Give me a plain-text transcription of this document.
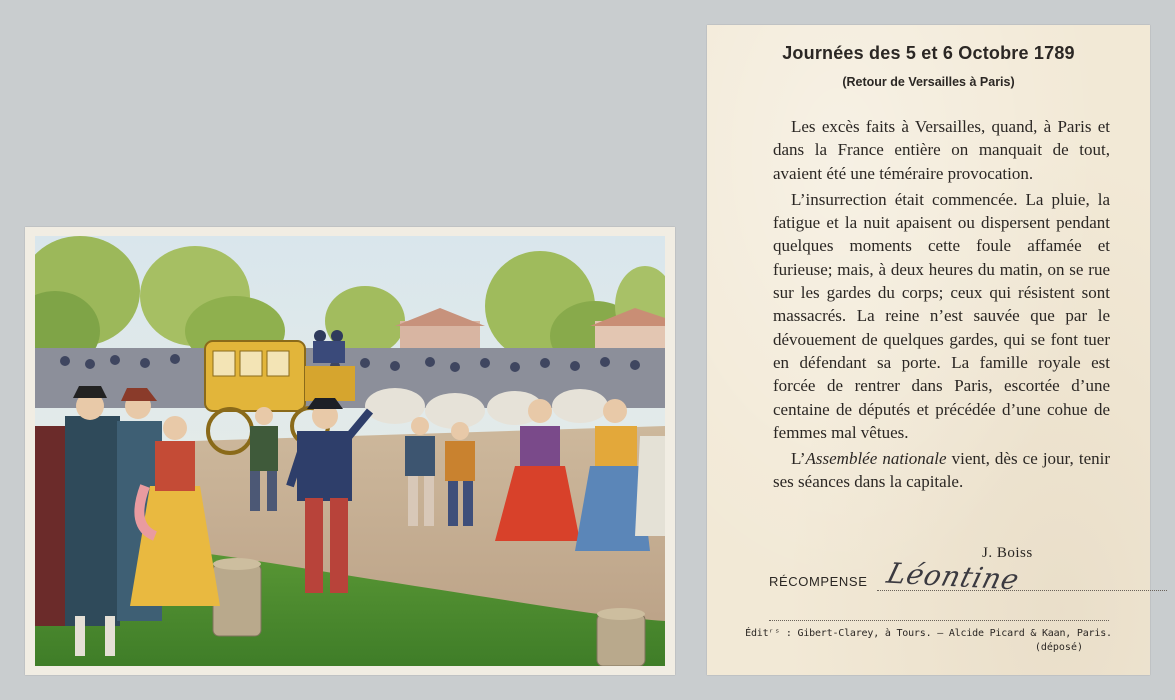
Journées des 5 et 6 Octobre 1789
(Retour de Versailles à Paris)

Les excès faits à Versailles, quand, à Paris et dans la France entière on manquait de tout, avaient été une téméraire provocation.

L’insurrection était commencée. La pluie, la fatigue et la nuit apaisent ou dispersent pendant quelques moments cette foule affamée et furieuse; mais, à deux heures du matin, on se rue sur les gardes du corps; ceux qui résistent sont massacrés. La reine n’est sauvée que par le dévouement de quelques gardes, qui se font tuer en défendant sa porte. La famille royale est forcée de rentrer dans Paris, escortée d’une centaine de députés et précédée d’une cohue de femmes mal vêtues.

L’Assemblée nationale vient, dès ce jour, tenir ses séances dans la capitale.

J. Boiss
RÉCOMPENSE Léontine
Éditʳˢ : Gibert-Clarey, à Tours. — Alcide Picard & Kaan, Paris.
(déposé)
